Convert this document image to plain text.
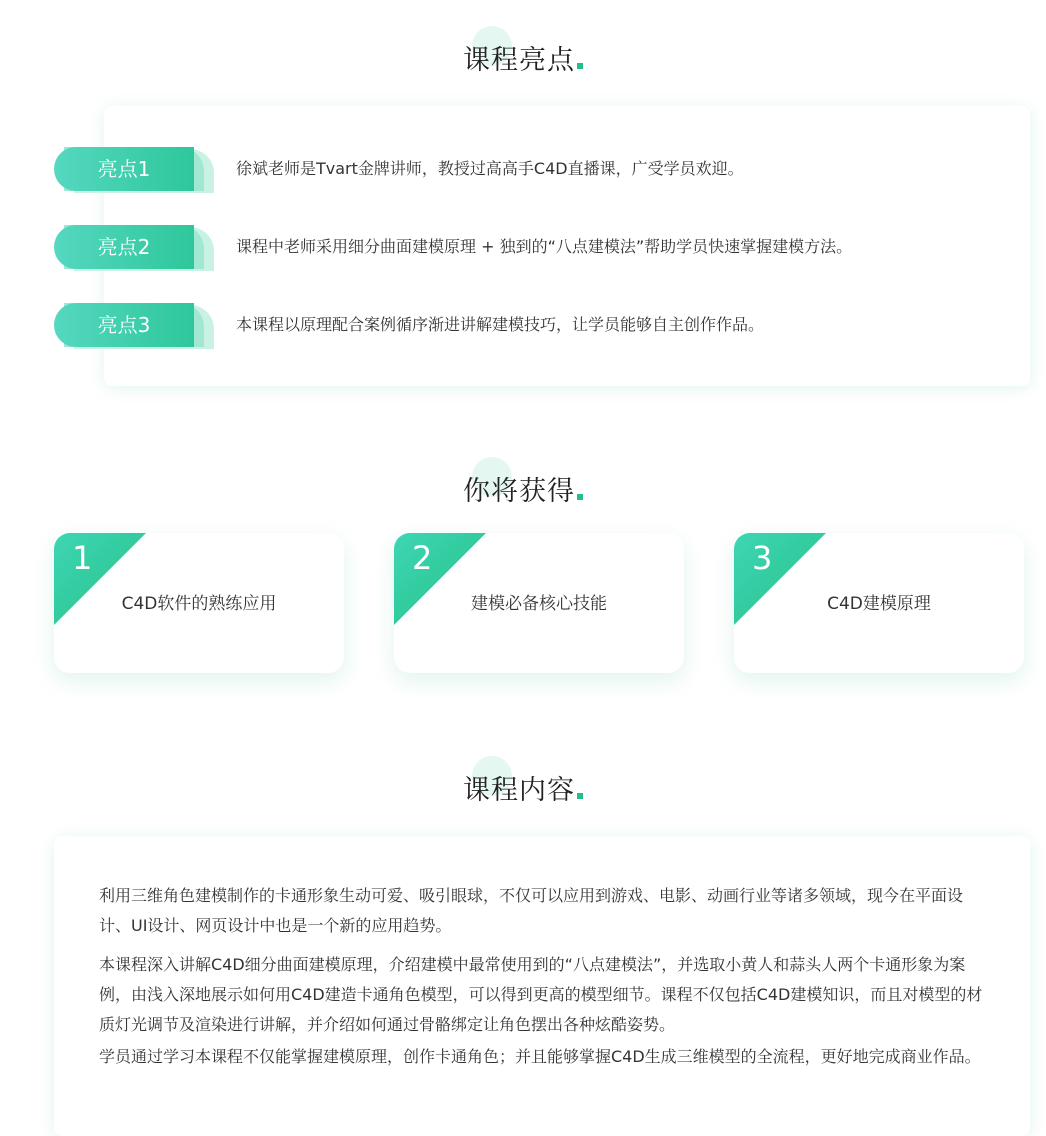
课程亮点
亮点1	徐斌老师是Tvart金牌讲师，教授过高高手C4D直播课，广受学员欢迎。
亮点2	课程中老师采用细分曲面建模原理 + 独到的“八点建模法”帮助学员快速掌握建模方法。
亮点3	本课程以原理配合案例循序渐进讲解建模技巧，让学员能够自主创作作品。
你将获得
1
C4D软件的熟练应用
2
建模必备核心技能
3
C4D建模原理
课程内容

利用三维角色建模制作的卡通形象生动可爱、吸引眼球，不仅可以应用到游戏、电影、动画行业等诸多领域，现今在平面设计、UI设计、网页设计中也是一个新的应用趋势。

本课程深入讲解C4D细分曲面建模原理，介绍建模中最常使用到的“八点建模法”，并选取小黄人和蒜头人两个卡通形象为案例，由浅入深地展示如何用C4D建造卡通角色模型，可以得到更高的模型细节。课程不仅包括C4D建模知识，而且对模型的材质灯光调节及渲染进行讲解，并介绍如何通过骨骼绑定让角色摆出各种炫酷姿势。

学员通过学习本课程不仅能掌握建模原理，创作卡通角色；并且能够掌握C4D生成三维模型的全流程，更好地完成商业作品。
